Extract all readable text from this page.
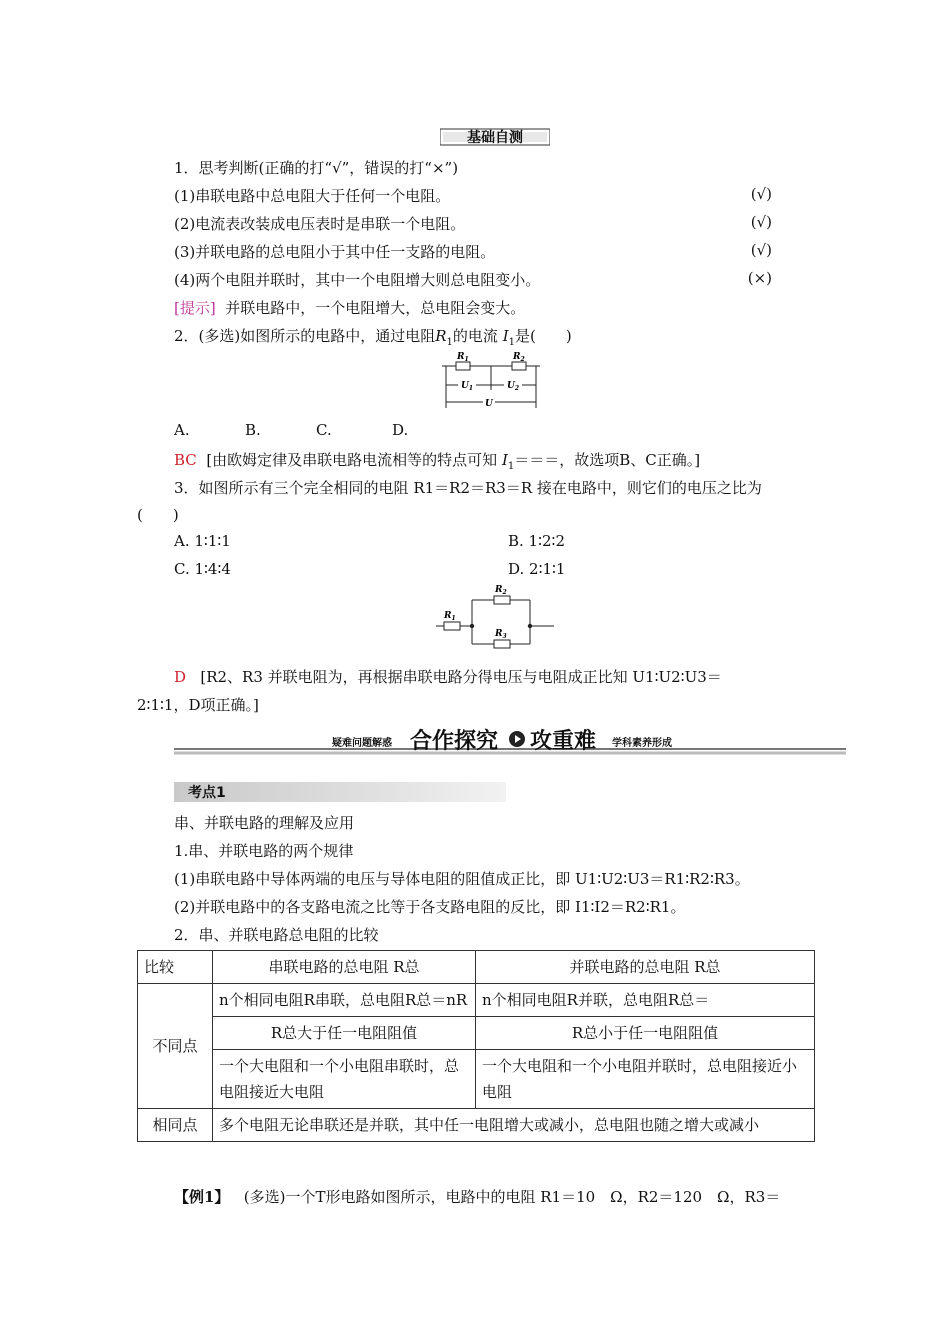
基础自测
1．思考判断(正确的打“√”，错误的打“×”)
(1)串联电路中总电阻大于任何一个电阻。	(√)
(2)电流表改装成电压表时是串联一个电阻。	(√)
(3)并联电路的总电阻小于其中任一支路的电阻。	(√)
(4)两个电阻并联时，其中一个电阻增大则总电阻变小。	(×)
[提示] 并联电路中，一个电阻增大，总电阻会变大。
2．(多选)如图所示的电路中，通过电阻$R_1$的电流 $I_1$是(　　)
$R_1$	$R_2$
$U_1$	$U_2$
U
A.	B.	C.	D.
BC [由欧姆定律及串联电路电流相等的特点可知 $I_1===$，故选项B、C正确。]
3．如图所示有三个完全相同的电阻 R1＝R2＝R3＝R 接在电路中，则它们的电压之比为
(　　)
A. 1∶1∶1	B. 1∶2∶2
C. 1∶4∶4	D. 2∶1∶1
$R_1$
$R_2$
$R_3$
D [R2、R3 并联电阻为，再根据串联电路分得电压与电阻成正比知 U1∶U2∶U3＝
2∶1∶1，D项正确。]
疑难问题解惑 合作探究 攻重难 学科素养形成
考点1
串、并联电路的理解及应用
1.串、并联电路的两个规律
(1)串联电路中导体两端的电压与导体电阻的阻值成正比，即 U1∶U2∶U3＝R1∶R2∶R3。
(2)并联电路中的各支路电流之比等于各支路电阻的反比，即 I1∶I2＝R2∶R1。
2．串、并联电路总电阻的比较
比较	串联电路的总电阻 R总	并联电路的总电阻 R总
不同点	n个相同电阻R串联，总电阻R总＝nR	n个相同电阻R并联，总电阻R总＝
	R总大于任一电阻阻值	R总小于任一电阻阻值
	一个大电阻和一个小电阻串联时，总电阻接近大电阻	一个大电阻和一个小电阻并联时，总电阻接近小电阻
相同点	多个电阻无论串联还是并联，其中任一电阻增大或减小，总电阻也随之增大或减小	
【例1】 (多选)一个T形电路如图所示，电路中的电阻 R1＝10　Ω，R2＝120　Ω，R3＝
